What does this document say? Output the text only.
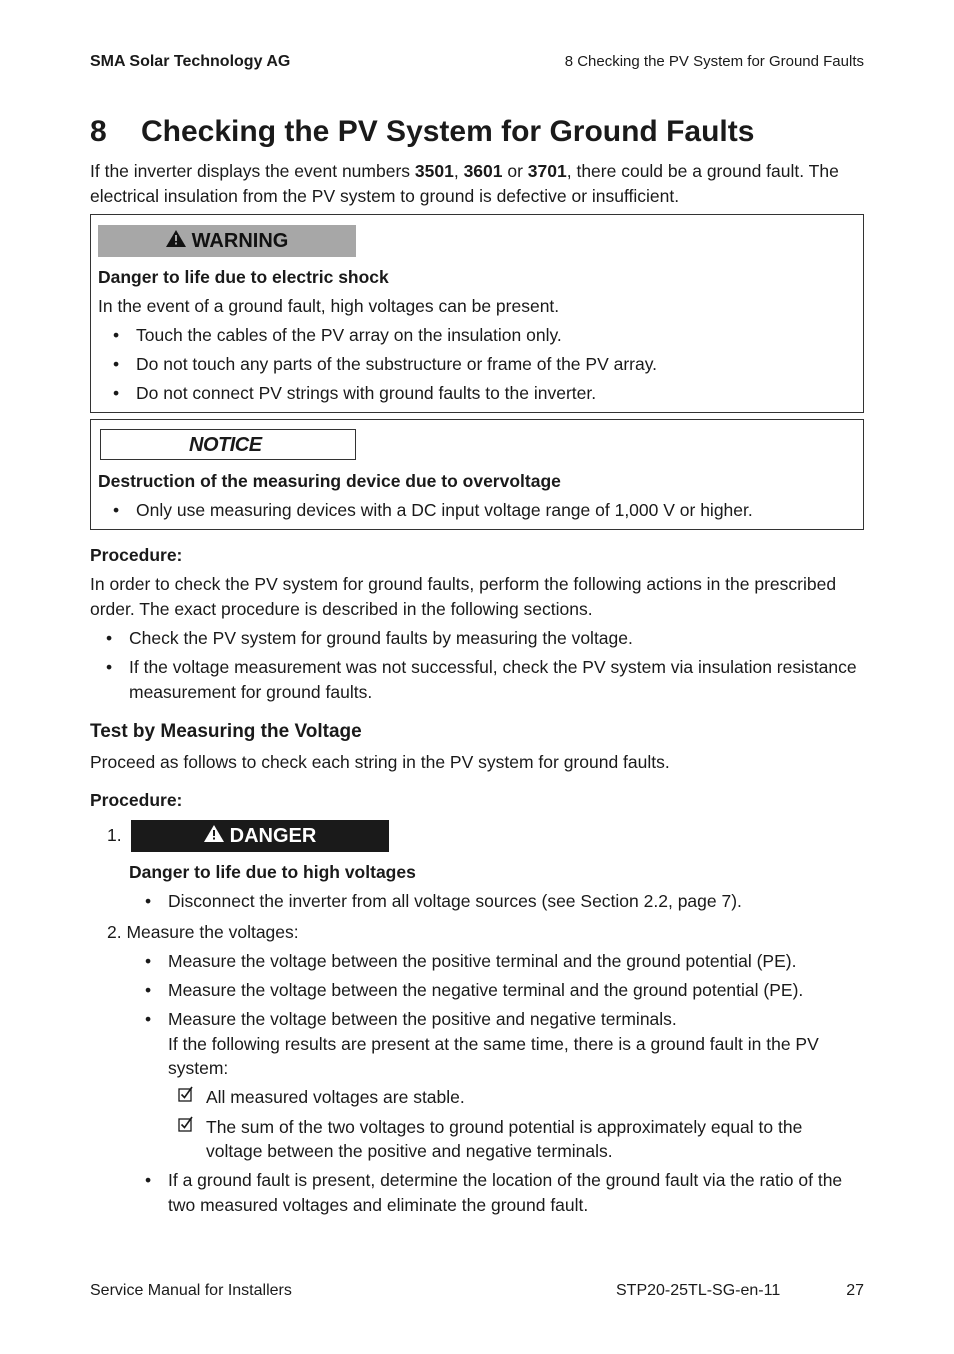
SMA Solar Technology AG	8 Checking the PV System for Ground Faults
8 Checking the PV System for Ground Faults

If the inverter displays the event numbers 3501, 3601 or 3701, there could be a ground fault. The

electrical insulation from the PV system to ground is defective or insufficient.

WARNING
Danger to life due to electric shock
In the event of a ground fault, high voltages can be present.
• Touch the cables of the PV array on the insulation only.
• Do not touch any parts of the substructure or frame of the PV array.
• Do not connect PV strings with ground faults to the inverter.
NOTICE
Destruction of the measuring device due to overvoltage
• Only use measuring devices with a DC input voltage range of 1,000 V or higher.
Procedure:

In order to check the PV system for ground faults, perform the following actions in the prescribed

order. The exact procedure is described in the following sections.

• Check the PV system for ground faults by measuring the voltage.
• If the voltage measurement was not successful, check the PV system via insulation resistance
measurement for ground faults.
Test by Measuring the Voltage
Proceed as follows to check each string in the PV system for ground faults.
Procedure:
1.	DANGER
Danger to life due to high voltages
• Disconnect the inverter from all voltage sources (see Section 2.2, page 7).
2. Measure the voltages:
• Measure the voltage between the positive terminal and the ground potential (PE).
• Measure the voltage between the negative terminal and the ground potential (PE).
• Measure the voltage between the positive and negative terminals.
If the following results are present at the same time, there is a ground fault in the PV
system:
All measured voltages are stable.
The sum of the two voltages to ground potential is approximately equal to the
voltage between the positive and negative terminals.
• If a ground fault is present, determine the location of the ground fault via the ratio of the
two measured voltages and eliminate the ground fault.
Service Manual for Installers	STP20-25TL-SG-en-11	27
